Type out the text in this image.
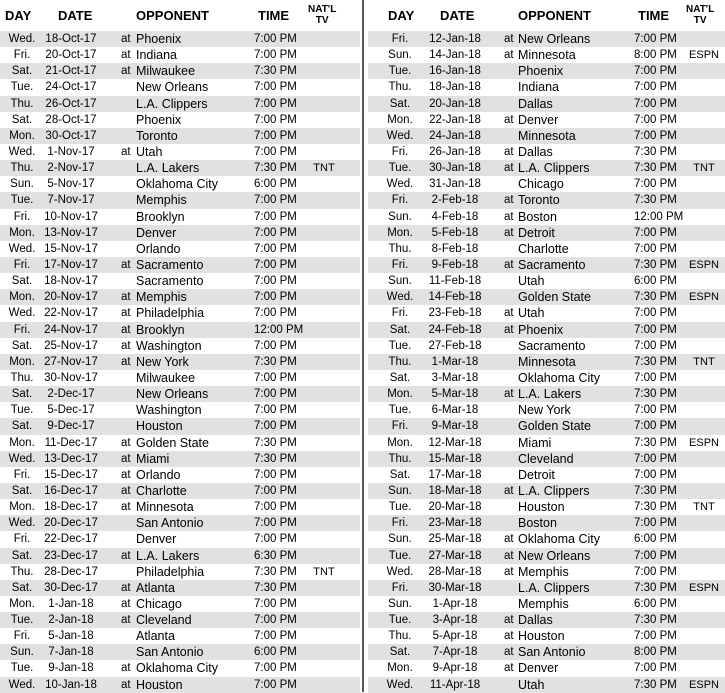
DAY DATE	OPPONENT	TIME NAT'L
TV
Wed. 18-Oct-17	at Phoenix	7:00 PM
Fri.	20-Oct-17	at Indiana	7:00 PM
Sat.	21-Oct-17	at Milwaukee	7:30 PM
Tue.	24-Oct-17	New Orleans	7:00 PM
Thu.	26-Oct-17	L.A. Clippers	7:00 PM
Sat.	28-Oct-17	Phoenix	7:00 PM
Mon. 30-Oct-17	Toronto	7:00 PM
Wed.	1-Nov-17	at Utah	7:00 PM
Thu.	2-Nov-17	L.A. Lakers	7:30 PM	TNT
Sun.	5-Nov-17	Oklahoma City	6:00 PM
Tue.	7-Nov-17	Memphis	7:00 PM
Fri.	10-Nov-17	Brooklyn	7:00 PM
Mon. 13-Nov-17	Denver	7:00 PM
Wed. 15-Nov-17	Orlando	7:00 PM
Fri.	17-Nov-17	at Sacramento	7:00 PM
Sat.	18-Nov-17	Sacramento	7:00 PM
Mon. 20-Nov-17	at Memphis	7:00 PM
Wed. 22-Nov-17	at Philadelphia	7:00 PM
Fri.	24-Nov-17	at Brooklyn	12:00 PM
Sat.	25-Nov-17	at Washington	7:00 PM
Mon. 27-Nov-17	at New York	7:30 PM
Thu. 30-Nov-17	Milwaukee	7:00 PM
Sat.	2-Dec-17	New Orleans	7:00 PM
Tue.	5-Dec-17	Washington	7:00 PM
Sat.	9-Dec-17	Houston	7:00 PM
Mon. 11-Dec-17	at Golden State	7:30 PM
Wed. 13-Dec-17	at Miami	7:30 PM
Fri.	15-Dec-17	at Orlando	7:00 PM
Sat.	16-Dec-17	at Charlotte	7:00 PM
Mon. 18-Dec-17	at Minnesota	7:00 PM
Wed. 20-Dec-17	San Antonio	7:00 PM
Fri.	22-Dec-17	Denver	7:00 PM
Sat.	23-Dec-17	at L.A. Lakers	6:30 PM
Thu. 28-Dec-17	Philadelphia	7:30 PM	TNT
Sat.	30-Dec-17	at Atlanta	7:30 PM
Mon.	1-Jan-18	at Chicago	7:00 PM
Tue.	2-Jan-18	at Cleveland	7:00 PM
Fri.	5-Jan-18	Atlanta	7:00 PM
Sun.	7-Jan-18	San Antonio	6:00 PM
Tue.	9-Jan-18	at Oklahoma City	7:00 PM
Wed. 10-Jan-18	at Houston	7:00 PM
DAY DATE	OPPONENT	TIME NAT'L
TV
Fri.	12-Jan-18	at New Orleans	7:00 PM
Sun.	14-Jan-18	at Minnesota	8:00 PM	ESPN
Tue.	16-Jan-18	Phoenix	7:00 PM
Thu.	18-Jan-18	Indiana	7:00 PM
Sat.	20-Jan-18	Dallas	7:00 PM
Mon.	22-Jan-18	at Denver	7:00 PM
Wed.	24-Jan-18	Minnesota	7:00 PM
Fri.	26-Jan-18	at Dallas	7:30 PM
Tue.	30-Jan-18	at L.A. Clippers	7:30 PM	TNT
Wed.	31-Jan-18	Chicago	7:00 PM
Fri.	2-Feb-18	at Toronto	7:30 PM
Sun.	4-Feb-18	at Boston	12:00 PM
Mon.	5-Feb-18	at Detroit	7:00 PM
Thu.	8-Feb-18	Charlotte	7:00 PM
Fri.	9-Feb-18	at Sacramento	7:30 PM	ESPN
Sun.	11-Feb-18	Utah	6:00 PM
Wed.	14-Feb-18	Golden State	7:30 PM	ESPN
Fri.	23-Feb-18	at Utah	7:00 PM
Sat.	24-Feb-18	at Phoenix	7:00 PM
Tue.	27-Feb-18	Sacramento	7:00 PM
Thu.	1-Mar-18	Minnesota	7:30 PM	TNT
Sat.	3-Mar-18	Oklahoma City	7:00 PM
Mon.	5-Mar-18	at L.A. Lakers	7:30 PM
Tue.	6-Mar-18	New York	7:00 PM
Fri.	9-Mar-18	Golden State	7:00 PM
Mon.	12-Mar-18	Miami	7:30 PM	ESPN
Thu.	15-Mar-18	Cleveland	7:00 PM
Sat.	17-Mar-18	Detroit	7:00 PM
Sun.	18-Mar-18	at L.A. Clippers	7:30 PM
Tue.	20-Mar-18	Houston	7:30 PM	TNT
Fri.	23-Mar-18	Boston	7:00 PM
Sun.	25-Mar-18	at Oklahoma City	6:00 PM
Tue.	27-Mar-18	at New Orleans	7:00 PM
Wed.	28-Mar-18	at Memphis	7:00 PM
Fri.	30-Mar-18	L.A. Clippers	7:30 PM	ESPN
Sun.	1-Apr-18	Memphis	6:00 PM
Tue.	3-Apr-18	at Dallas	7:30 PM
Thu.	5-Apr-18	at Houston	7:00 PM
Sat.	7-Apr-18	at San Antonio	8:00 PM
Mon.	9-Apr-18	at Denver	7:00 PM
Wed.	11-Apr-18	Utah	7:30 PM	ESPN
